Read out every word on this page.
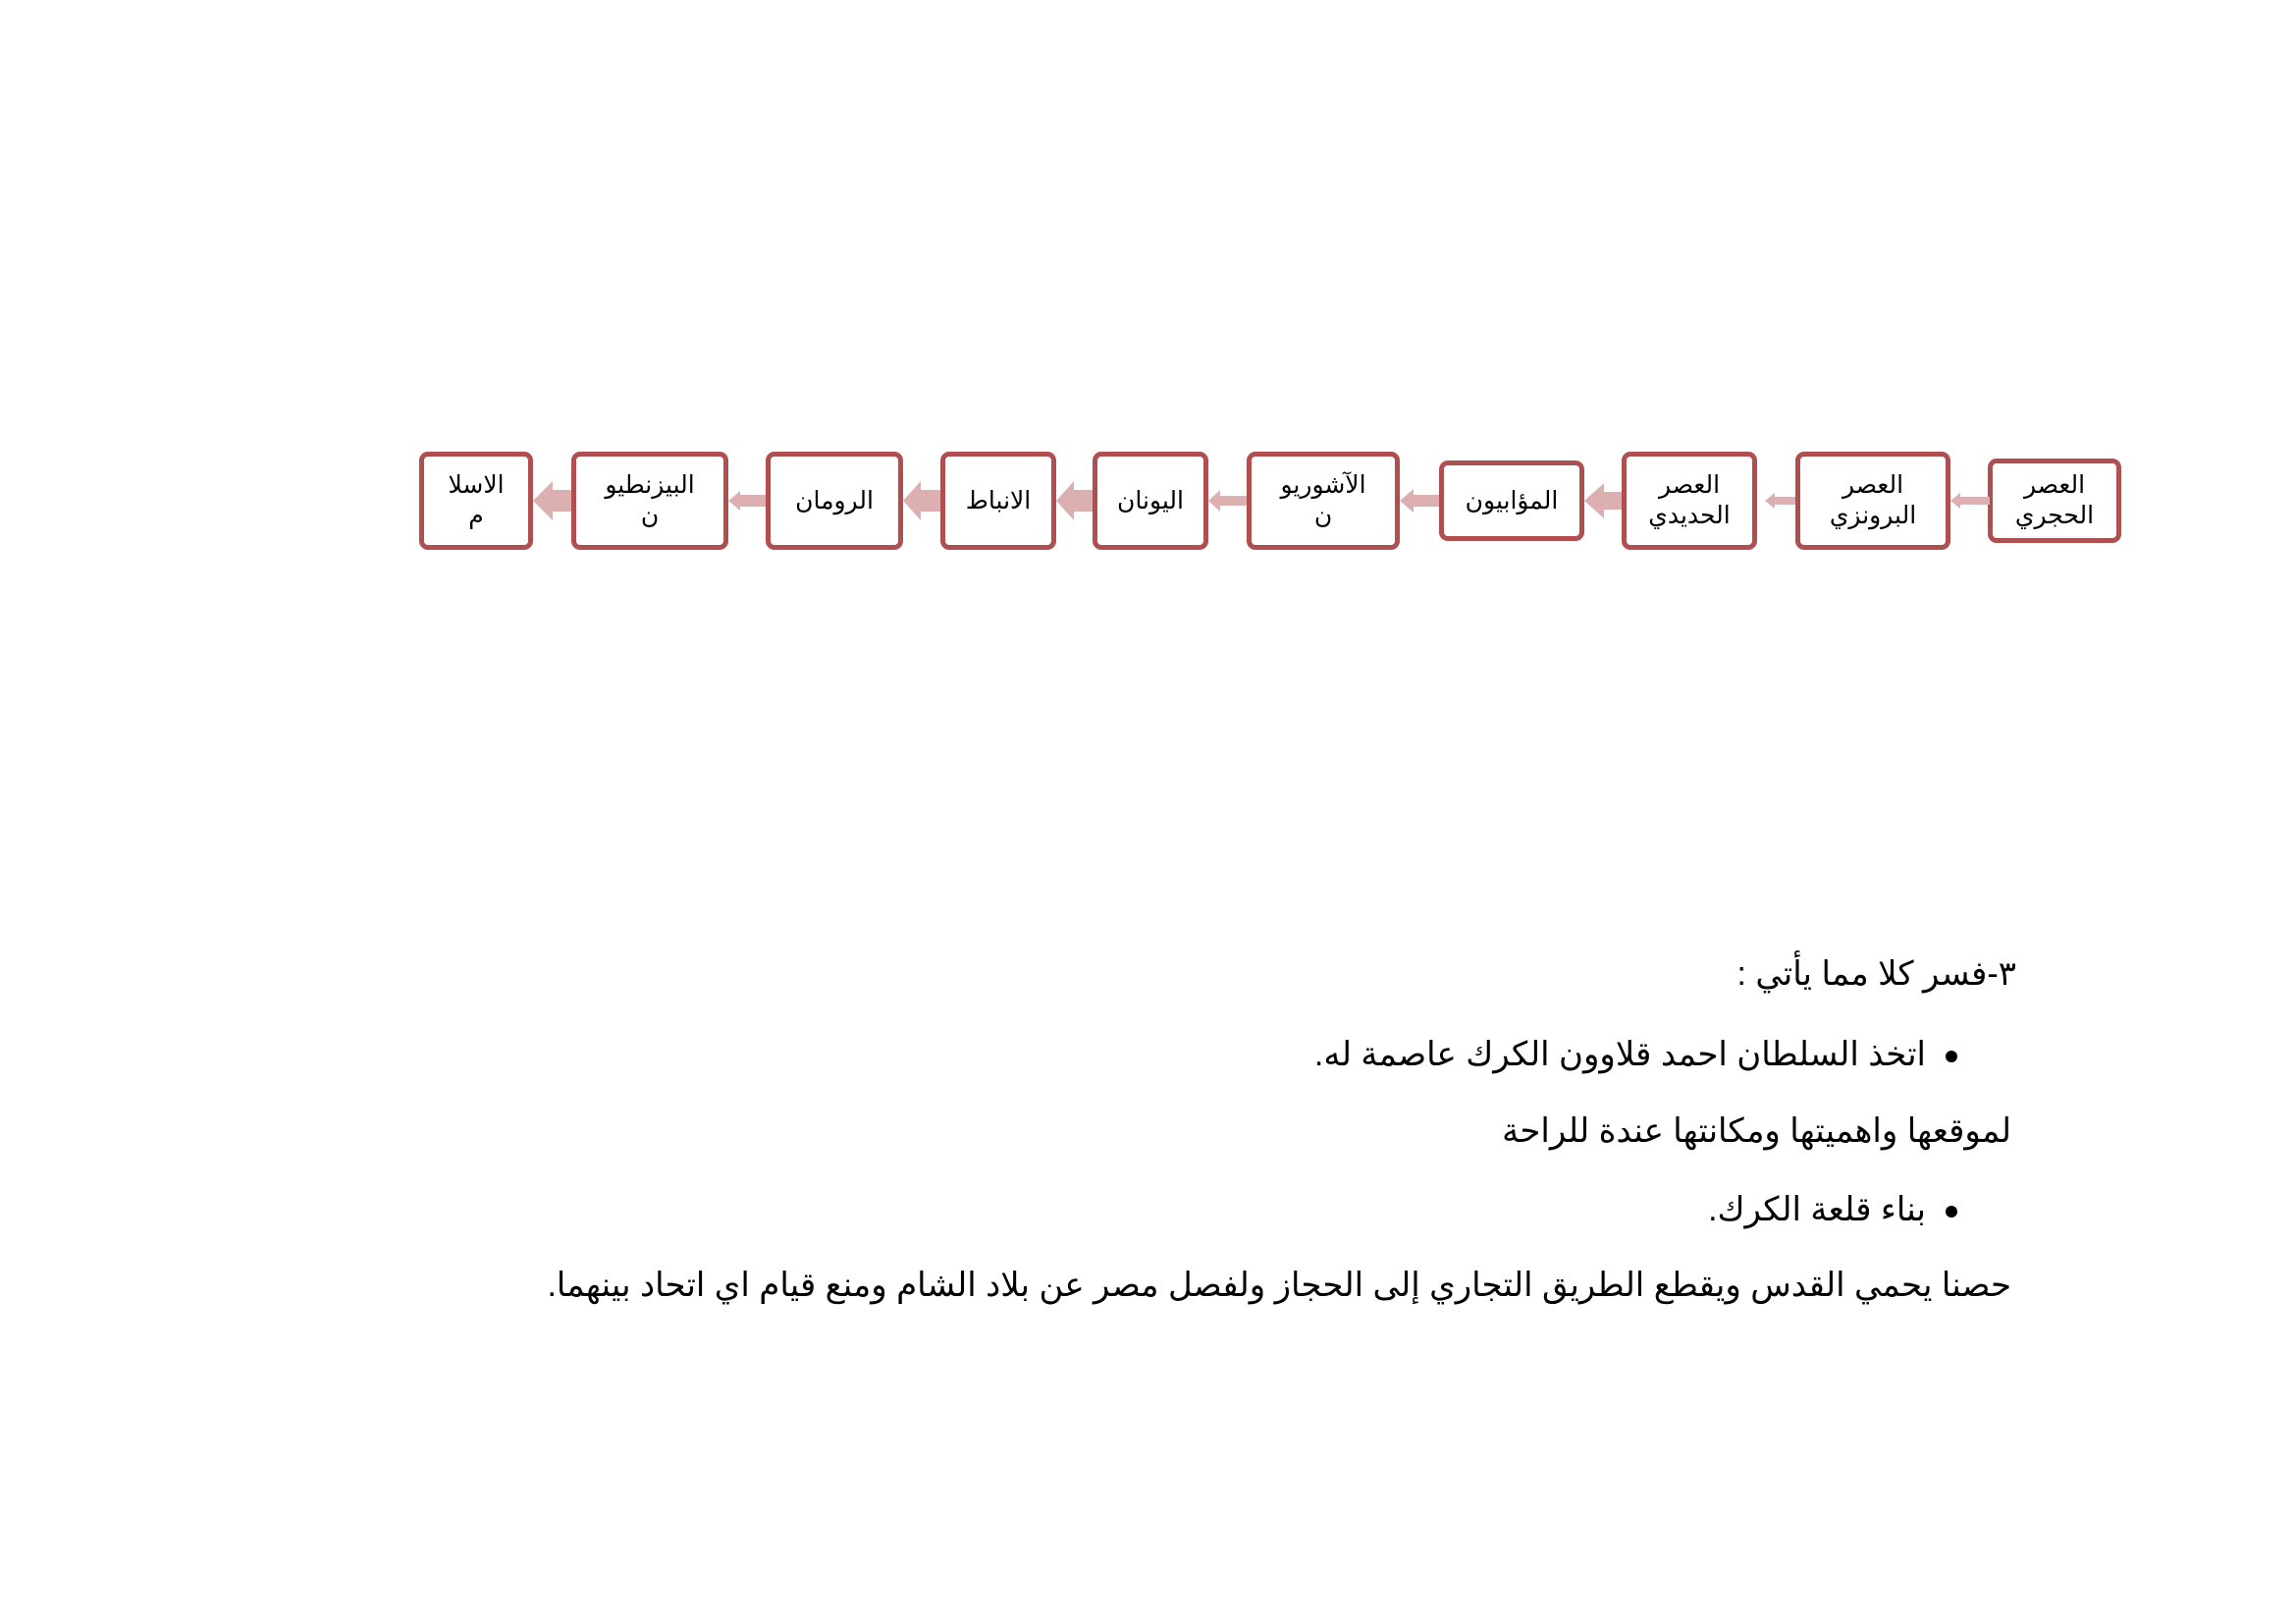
العصر
الحجري
العصر
البرونزي
العصر
الحديدي
المؤابيون
الآشوريو
ن
اليونان
الانباط
الرومان
البيزنطيو
ن
الاسلا
م
٣-فسر كلا مما يأتي :
اتخذ السلطان احمد قلاوون الكرك عاصمة له.
لموقعها واهميتها ومكانتها عندة للراحة
بناء قلعة الكرك.
حصنا يحمي القدس ويقطع الطريق التجاري إلى الحجاز ولفصل مصر عن بلاد الشام ومنع قيام اي اتحاد بينهما.
